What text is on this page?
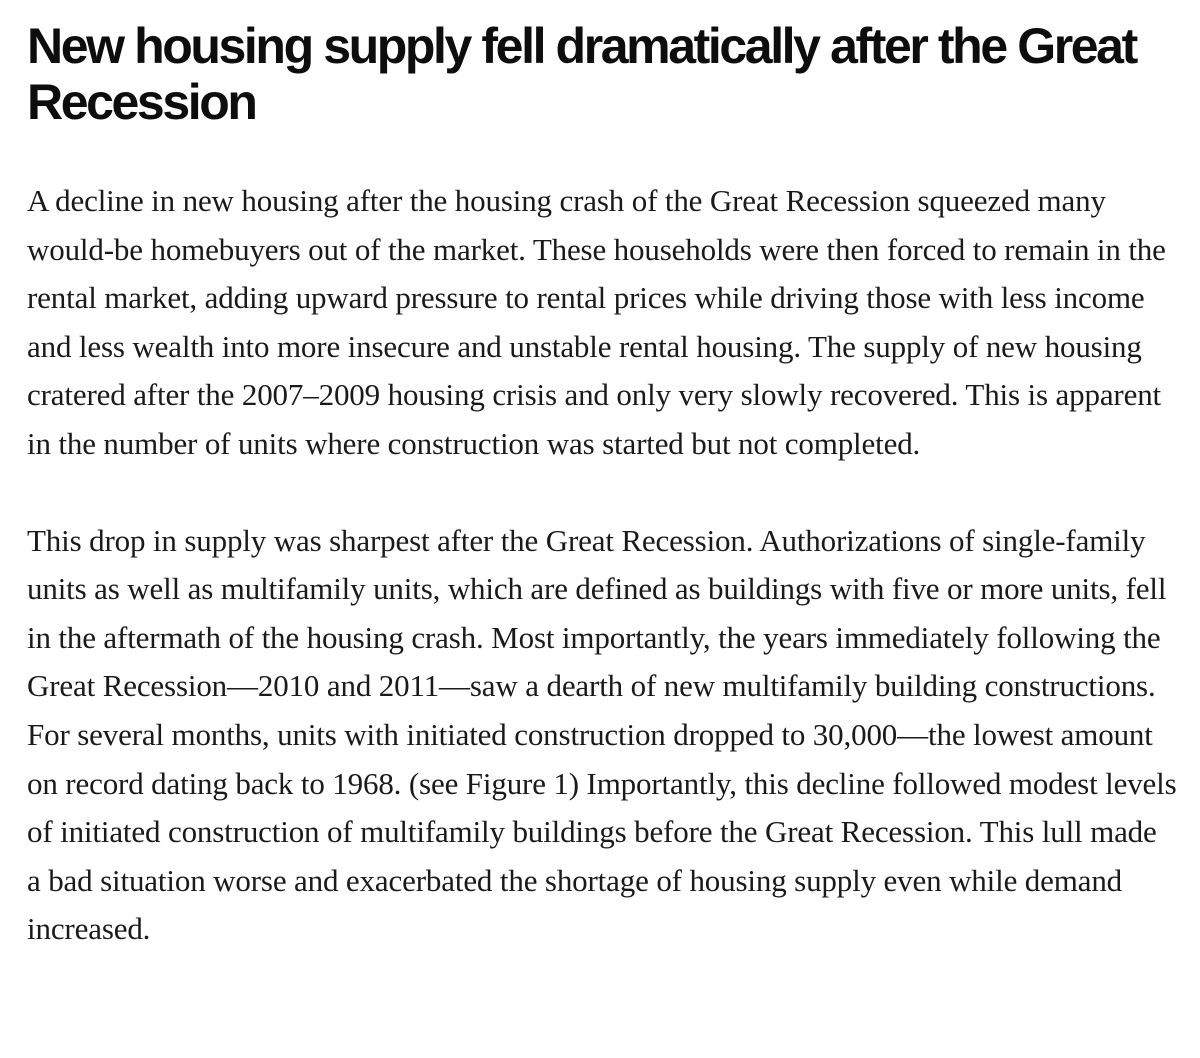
New housing supply fell dramatically after the Great Recession

A decline in new housing after the housing crash of the Great Recession squeezed many would-be homebuyers out of the market. These households were then forced to remain in the rental market, adding upward pressure to rental prices while driving those with less income and less wealth into more insecure and unstable rental housing. The supply of new housing cratered after the 2007–2009 housing crisis and only very slowly recovered. This is apparent in the number of units where construction was started but not completed.

This drop in supply was sharpest after the Great Recession. Authorizations of single-family units as well as multifamily units, which are defined as buildings with five or more units, fell in the aftermath of the housing crash. Most importantly, the years immediately following the Great Recession—2010 and 2011—saw a dearth of new multifamily building constructions. For several months, units with initiated construction dropped to 30,000—the lowest amount on record dating back to 1968. (see Figure 1) Importantly, this decline followed modest levels of initiated construction of multifamily buildings before the Great Recession. This lull made a bad situation worse and exacerbated the shortage of housing supply even while demand increased.
